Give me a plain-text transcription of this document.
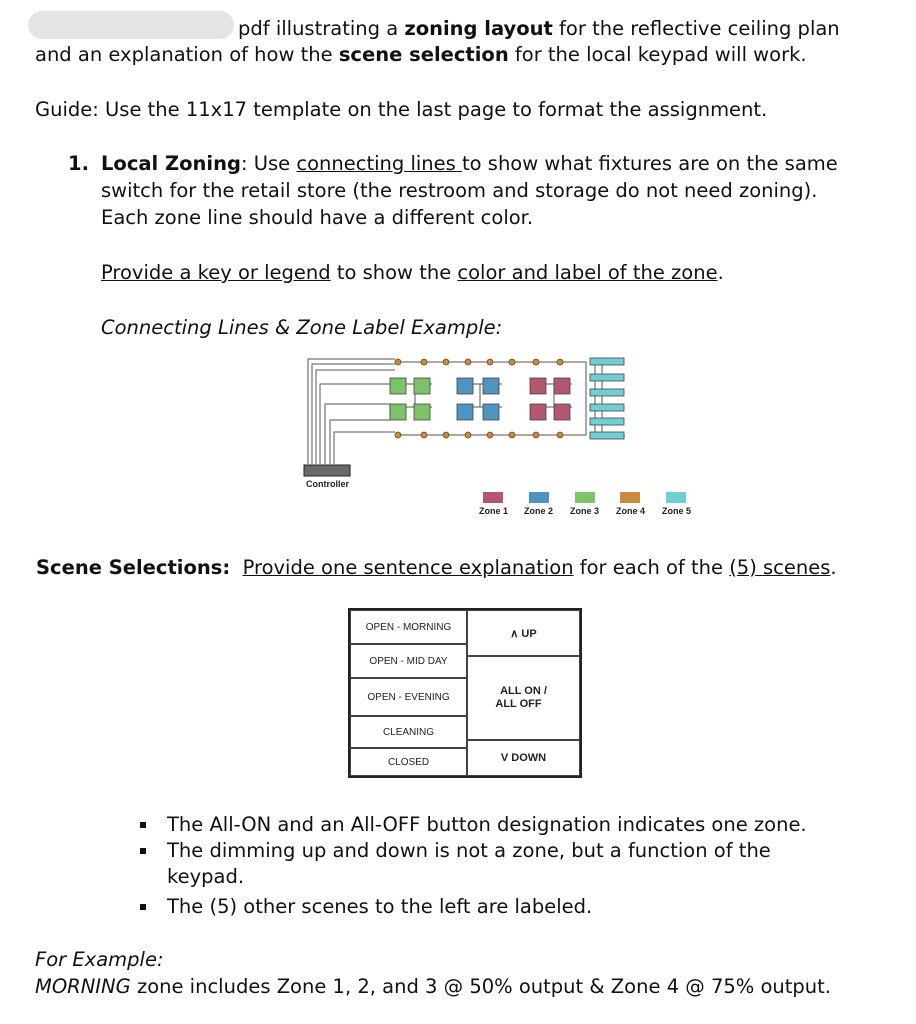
pdf illustrating a zoning layout for the reflective ceiling plan

and an explanation of how the scene selection for the local keypad will work.

Guide: Use the 11x17 template on the last page to format the assignment.

1. Local Zoning: Use connecting lines to show what fixtures are on the same

switch for the retail store (the restroom and storage do not need zoning).

Each zone line should have a different color.

Provide a key or legend to show the color and label of the zone.

Connecting Lines & Zone Label Example:

Controller
Zone 1 Zone 2 Zone 3 Zone 4 Zone 5

Scene Selections: Provide one sentence explanation for each of the (5) scenes.

OPEN - MORNING
OPEN - MID DAY
OPEN - EVENING
CLEANING
CLOSED
∧ UP
ALL ON /
ALL OFF
V DOWN

The All-ON and an All-OFF button designation indicates one zone.

The dimming up and down is not a zone, but a function of the

keypad.

The (5) other scenes to the left are labeled.

For Example:

MORNING zone includes Zone 1, 2, and 3 @ 50% output & Zone 4 @ 75% output.
